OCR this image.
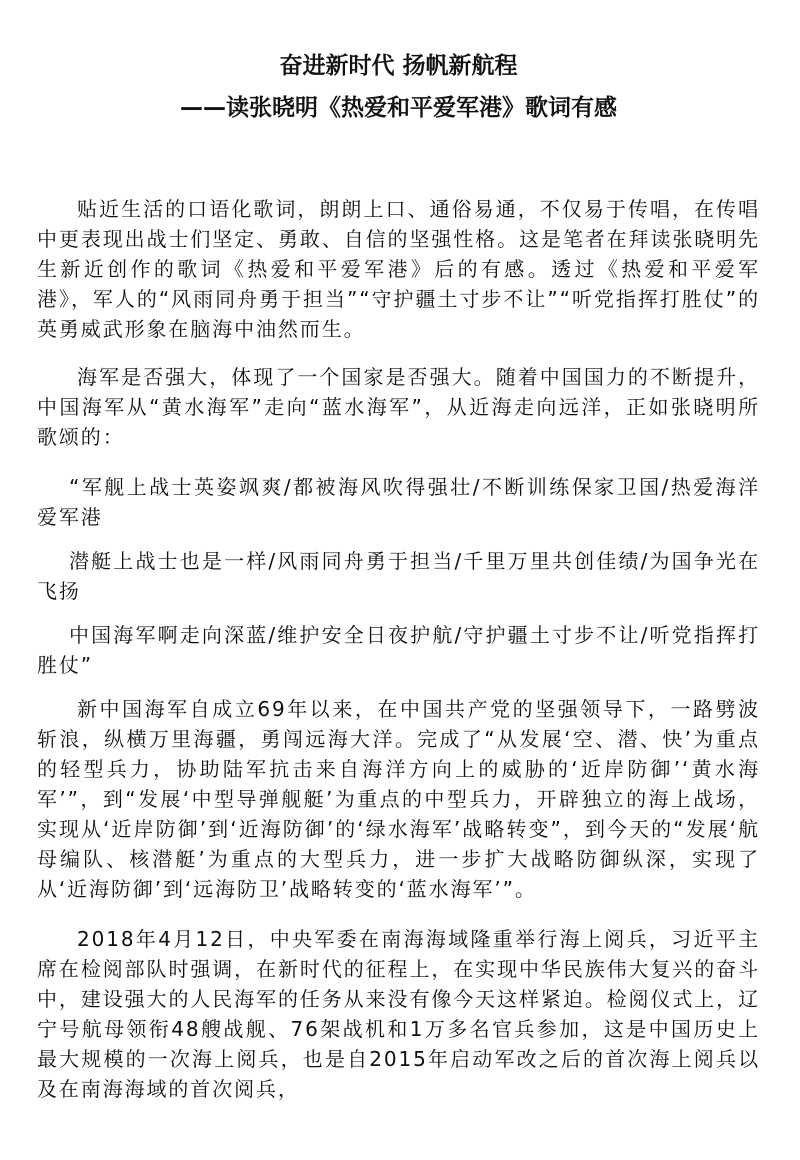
奋进新时代 扬帆新航程
——读张晓明《热爱和平爱军港》歌词有感

贴近生活的口语化歌词，朗朗上口、通俗易通，不仅易于传唱，在传唱中更表现出战士们坚定、勇敢、自信的坚强性格。这是笔者在拜读张晓明先生新近创作的歌词《热爱和平爱军港》后的有感。透过《热爱和平爱军港》，军人的“风雨同舟勇于担当”“守护疆土寸步不让”“听党指挥打胜仗”的英勇威武形象在脑海中油然而生。

海军是否强大，体现了一个国家是否强大。随着中国国力的不断提升，中国海军从“黄水海军”走向“蓝水海军”，从近海走向远洋，正如张晓明所歌颂的：

“军舰上战士英姿飒爽/都被海风吹得强壮/不断训练保家卫国/热爱海洋爱军港

潜艇上战士也是一样/风雨同舟勇于担当/千里万里共创佳绩/为国争光在飞扬

中国海军啊走向深蓝/维护安全日夜护航/守护疆土寸步不让/听党指挥打胜仗”

新中国海军自成立69年以来，在中国共产党的坚强领导下，一路劈波斩浪，纵横万里海疆，勇闯远海大洋。完成了“从发展‘空、潜、快’为重点的轻型兵力，协助陆军抗击来自海洋方向上的威胁的‘近岸防御’‘黄水海军’”，到“发展‘中型导弹舰艇’为重点的中型兵力，开辟独立的海上战场，实现从‘近岸防御’到‘近海防御’的‘绿水海军’战略转变”，到今天的“发展‘航母编队、核潜艇’为重点的大型兵力，进一步扩大战略防御纵深，实现了从‘近海防御’到‘远海防卫’战略转变的‘蓝水海军’”。

2018年4月12日，中央军委在南海海域隆重举行海上阅兵，习近平主席在检阅部队时强调，在新时代的征程上，在实现中华民族伟大复兴的奋斗中，建设强大的人民海军的任务从来没有像今天这样紧迫。检阅仪式上，辽宁号航母领衔48艘战舰、76架战机和1万多名官兵参加，这是中国历史上最大规模的一次海上阅兵，也是自2015年启动军改之后的首次海上阅兵以及在南海海域的首次阅兵，
